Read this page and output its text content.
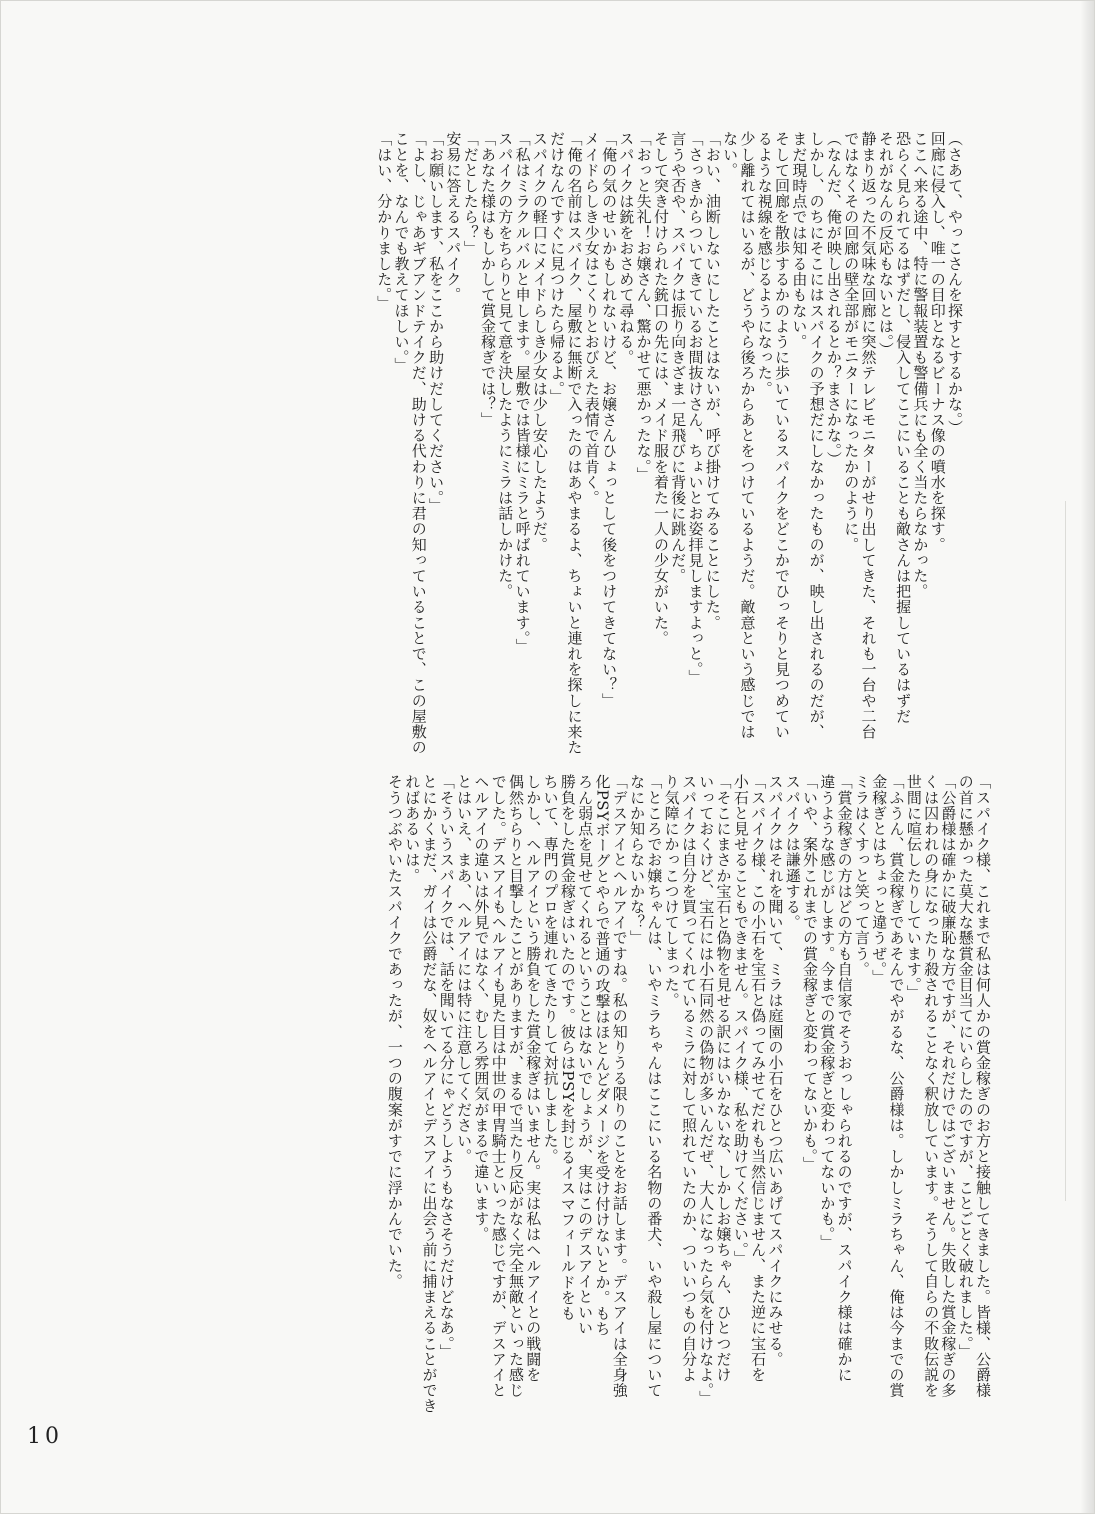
（さあて、やっこさんを探すとするかな。）

回廊に侵入し、唯一の目印となるビーナス像の噴水を探す。

ここへ来る途中、特に警報装置も警備兵にも全く当たらなかった。

恐らく見られてるはずだし、侵入してここにいることも敵さんは把握しているはずだ

それがなんの反応もないとは。）

静まり返った不気味な回廊に突然テレビモニターがせり出してきた、それも一台や二台

ではなくその回廊の壁全部がモニターになったかのように。

（なんだ、俺が映し出されるとか？まさかな。）

しかし、のちにそこにはスパイクの予想だにしなかったものが、映し出されるのだが、

まだ現時点では知る由もない。

そして回廊を散歩するかのように歩いているスパイクをどこかでひっそりと見つめてい

るような視線を感じるようになった。

少し離れてはいるが、どうやら後ろからあとをつけているようだ。敵意という感じでは

ない。

「おい、油断しないにしたことはないが、呼び掛けてみることにした。

「さっきからついてきているお間抜けさん、ちょいとお姿拝見しますよっと。」

言うや否や、スパイクは振り向きざま一足飛びに背後に跳んだ。

そして突き付けられた銃口の先には、メイド服を着た一人の少女がいた。

「おっと失礼！お嬢さん、驚かせて悪かったな。」

スパイクは銃をおさめて尋ねる。

「俺の気のせいかもしれないけど、お嬢さんひょっとして後をつけてきてない？」

メイドらしき少女はこくりとおびえた表情で首肯く。

「俺の名前はスパイク、屋敷に無断で入ったのはあやまるよ、ちょいと連れを探しに来た

だけなんですぐに見つけたら帰るよ。」

スパイクの軽口にメイドらしき少女は少し安心したようだ。

「私はミラクルバルと申します。屋敷では皆様にミラと呼ばれています。」

スパイクの方をちらりと見て意を決したようにミラは話しかけた。

「あなた様はもしかして賞金稼ぎでは？」

「だとしたら？」

安易に答えるスパイク。

「お願いします、私をここから助けだしてください。」

「よし、じゃあギブアンドテイクだ、助ける代わりに君の知っていることで、この屋敷の

ことを、なんでも教えてほしい。」

「はい、分かりました。」

「スパイク様、これまで私は何人かの賞金稼ぎのお方と接触してきました。皆様、公爵様

の首に懸かった莫大な懸賞金目当てにいらしたのですが、ことごとく破れました。」

「公爵様は確かに破廉恥な方ですが、それだけではございません。失敗した賞金稼ぎの多

くは囚われの身になったり殺されることなく釈放しています。そうして自らの不敗伝説を

世間に喧伝したりしています。」

「ふうん、賞金稼ぎであそんでやがるな、公爵様は。しかしミラちゃん、俺は今までの賞

金稼ぎとはちょっと違うぜ。」

ミラはくすっと笑って言う。

「賞金稼ぎの方はどの方も自信家でそうおっしゃられるのですが、スパイク様は確かに

違うような感じがします。今までの賞金稼ぎと変わってないかも。」

「いや、案外これまでの賞金稼ぎと変わってないかも。」

スパイクは謙遜する。

スパイクはそれを聞いて、ミラは庭園の小石をひとつ広いあげてスパイクにみせる。

「スパイク様、この小石を宝石と偽ってみせてだれも当然信じません、また逆に宝石を

小石と見せることもできません。スパイク様、私を助けてください。」

「そこにまさか宝石と偽物を見せる訳にはいかないな、しかしお嬢ちゃん、ひとつだけ

いっておくけど、宝石には小石同然の偽物が多いんだぜ、大人になったら気を付けなよ。」

スパイクは自分を買ってくれているミラに対して照れていたのか、ついいつもの自分よ

り気障にかっこつけてしまった。

「ところでお嬢ちゃんは、いやミラちゃんはここにいる名物の番犬、いや殺し屋について

なにか知らないかな？」

「デスアイとヘルアイですね。私の知りうる限りのことをお話します。デスアイは全身強

化PSYボーグとやらで普通の攻撃はほとんどダメージを受け付けないとか。もち

ろん弱点を見せてくれるということはないでしょうが、実はこのデスアイといい

勝負をした賞金稼ぎはいたのです。彼らはPSYを封じるイスマフィールドをも

ちいて、専門のプロを連れてきたりして対抗しました。

しかし、ヘルアイという勝負をした賞金稼ぎはいません。実は私はヘルアイとの戦闘を

偶然ちらりと目撃したことがありますが、まるで当たり反応がなく完全無敵といった感じ

でした。デスアイもヘルアイも見た目は中世の甲冑騎士といった感じですが、デスアイと

ヘルアイの違いは外見ではなく、むしろ雰囲気がまるで違います。

とはいえ、まあ、ヘルアイには特に注意してください。

「そういうスパイクでは、話を聞いてる分にゃどうしようもなさそうだけどなあ。」

とにかくまだ、ガイは公爵だな、奴をヘルアイとデスアイに出会う前に捕まえることができ

ればあるいは。

そうつぶやいたスパイクであったが、一つの腹案がすでに浮かんでいた。

10
